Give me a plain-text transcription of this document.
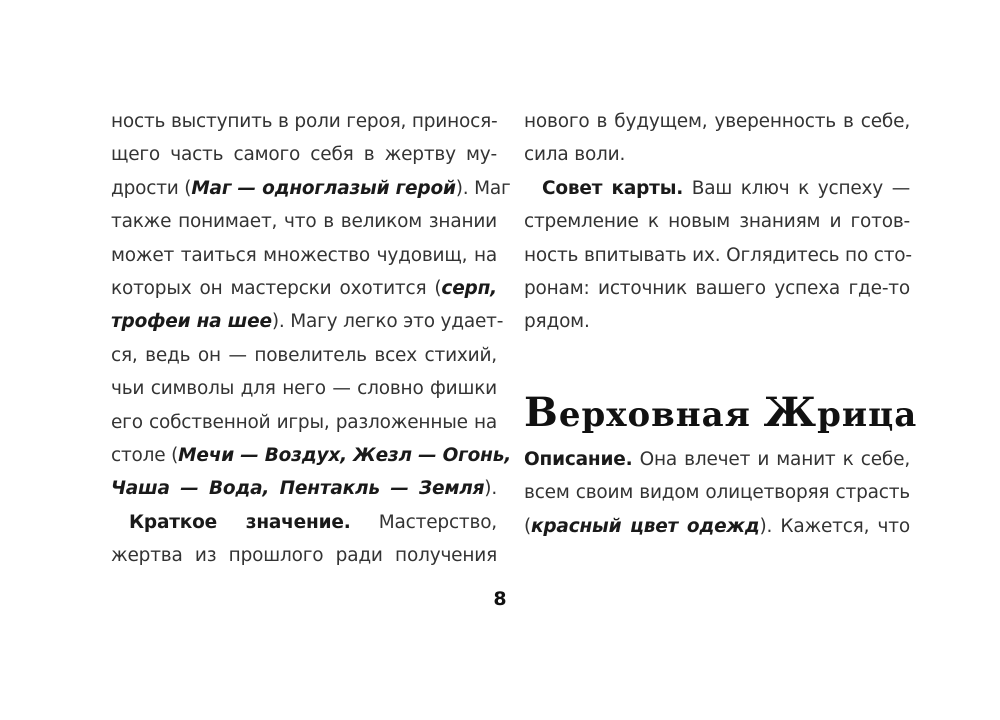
ность выступить в роли героя, принося-
щего часть самого себя в жертву му-
дрости (Маг — одноглазый герой). Маг
также понимает, что в великом знании
может таиться множество чудовищ, на
которых он мастерски охотится (серп,
трофеи на шее). Магу легко это удает-
ся, ведь он — повелитель всех стихий,
чьи символы для него — словно фишки
его собственной игры, разложенные на
столе (Мечи — Воздух, Жезл — Огонь,
Чаша — Вода, Пентакль — Земля).
Краткое значение. Мастерство,
жертва из прошлого ради получения
нового в будущем, уверенность в себе,
сила воли.
Совет карты. Ваш ключ к успеху —
стремление к новым знаниям и готов-
ность впитывать их. Оглядитесь по сто-
ронам: источник вашего успеха где-то
рядом.
Верховная Жрица
Описание. Она влечет и манит к себе,
всем своим видом олицетворяя страсть
(красный цвет одежд). Кажется, что
8
